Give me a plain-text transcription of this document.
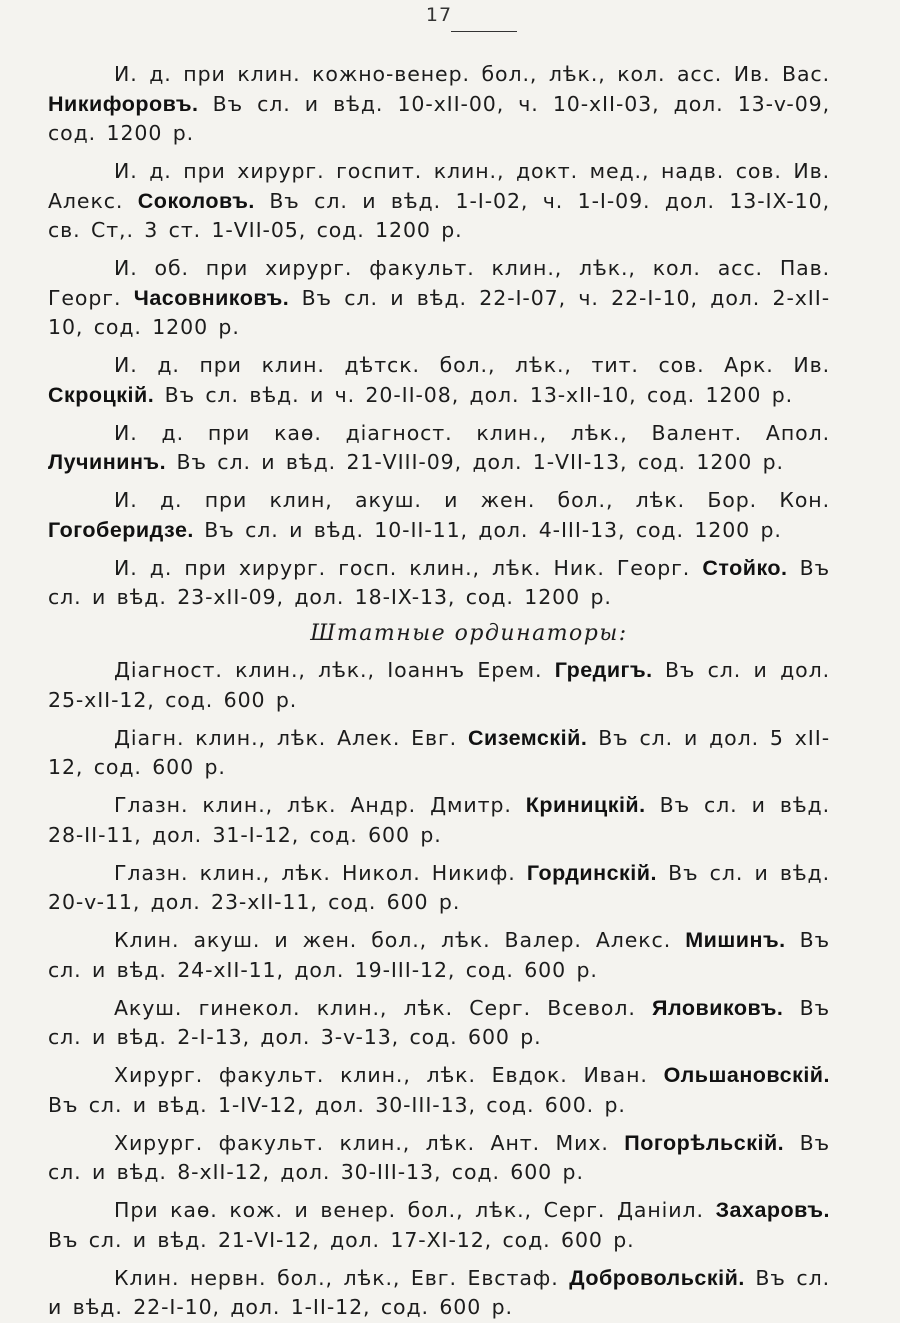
17

И. д. при клин. кожно-венер. бол., лѣк., кол. асс. Ив. Вас. Никифоровъ. Въ сл. и вѣд. 10-хII-00, ч. 10-хII-03, дол. 13-v-09, сод. 1200 р.

И. д. при хирург. госпит. клин., докт. мед., надв. сов. Ив. Алекс. Соколовъ. Въ сл. и вѣд. 1-I-02, ч. 1-I-09. дол. 13-IX-10, св. Ст,. 3 ст. 1-VII-05, сод. 1200 р.

И. об. при хирург. факульт. клин., лѣк., кол. асс. Пав. Георг. Часовниковъ. Въ сл. и вѣд. 22-I-07, ч. 22-I-10, дол. 2-хII-10, сод. 1200 р.

И. д. при клин. дѣтск. бол., лѣк., тит. сов. Арк. Ив. Скроцкій. Въ сл. вѣд. и ч. 20-II-08, дол. 13-хII-10, сод. 1200 р.

И. д. при каѳ. діагност. клин., лѣк., Валент. Апол. Лучининъ. Въ сл. и вѣд. 21-VIII-09, дол. 1-VII-13, сод. 1200 р.

И. д. при клин, акуш. и жен. бол., лѣк. Бор. Кон. Гогоберидзе. Въ сл. и вѣд. 10-II-11, дол. 4-III-13, сод. 1200 р.

И. д. при хирург. госп. клин., лѣк. Ник. Георг. Стойко. Въ сл. и вѣд. 23-хII-09, дол. 18-IX-13, сод. 1200 р.

Штатные ординаторы:

Діагност. клин., лѣк., Іоаннъ Ерем. Гредигъ. Въ сл. и дол. 25-хII-12, сод. 600 р.

Діагн. клин., лѣк. Алек. Евг. Сиземскій. Въ сл. и дол. 5 хII-12, сод. 600 р.

Глазн. клин., лѣк. Андр. Дмитр. Криницкій. Въ сл. и вѣд. 28-II-11, дол. 31-I-12, сод. 600 р.

Глазн. клин., лѣк. Никол. Никиф. Гординскій. Въ сл. и вѣд. 20-v-11, дол. 23-хII-11, сод. 600 р.

Клин. акуш. и жен. бол., лѣк. Валер. Алекс. Мишинъ. Въ сл. и вѣд. 24-хII-11, дол. 19-III-12, сод. 600 р.

Акуш. гинекол. клин., лѣк. Серг. Всевол. Яловиковъ. Въ сл. и вѣд. 2-I-13, дол. 3-v-13, сод. 600 р.

Хирург. факульт. клин., лѣк. Евдок. Иван. Ольшановскій. Въ сл. и вѣд. 1-IV-12, дол. 30-III-13, сод. 600. р.

Хирург. факульт. клин., лѣк. Ант. Мих. Погорѣльскій. Въ сл. и вѣд. 8-хII-12, дол. 30-III-13, сод. 600 р.

При каѳ. кож. и венер. бол., лѣк., Серг. Даніил. Захаровъ. Въ сл. и вѣд. 21-VI-12, дол. 17-XI-12, сод. 600 р.

Клин. нервн. бол., лѣк., Евг. Евстаф. Добровольскій. Въ сл. и вѣд. 22-I-10, дол. 1-II-12, сод. 600 р.
